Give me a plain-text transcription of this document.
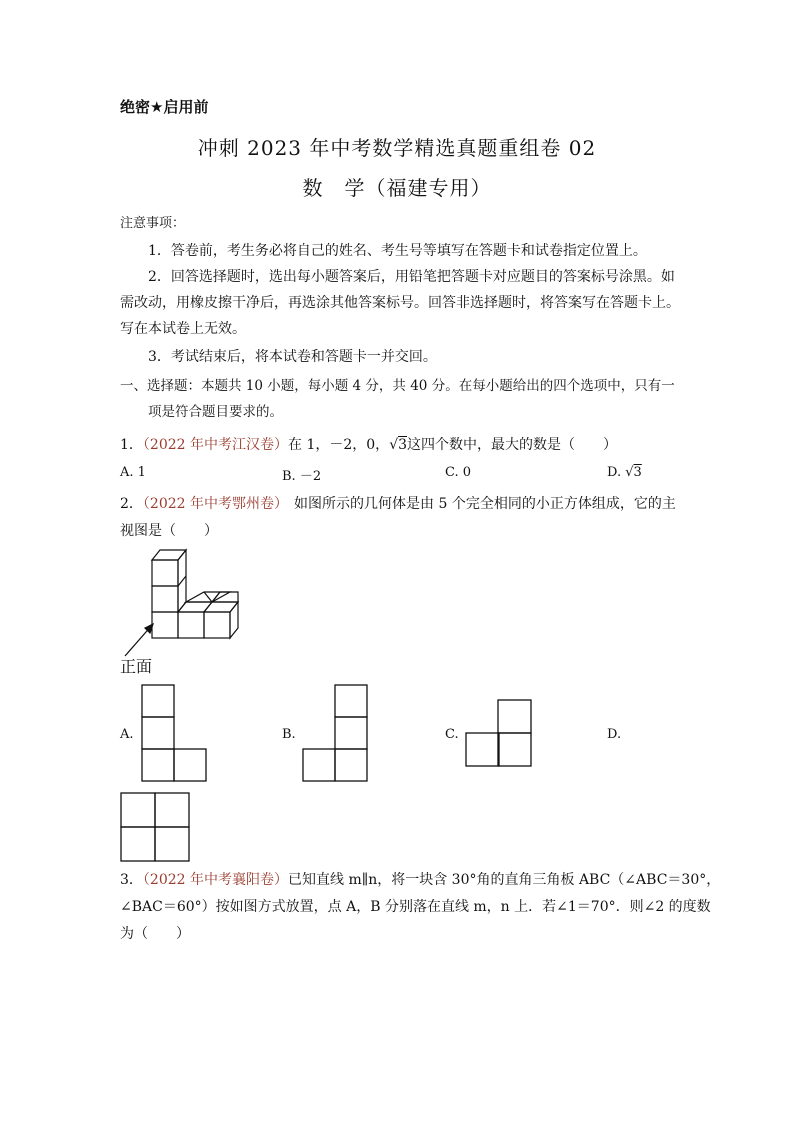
绝密★启用前
冲刺 2023 年中考数学精选真题重组卷 02
数　学（福建专用）
注意事项：
1．答卷前，考生务必将自己的姓名、考生号等填写在答题卡和试卷指定位置上。
2．回答选择题时，选出每小题答案后，用铅笔把答题卡对应题目的答案标号涂黑。如
需改动，用橡皮擦干净后，再选涂其他答案标号。回答非选择题时，将答案写在答题卡上。
写在本试卷上无效。
3．考试结束后，将本试卷和答题卡一并交回。
一、选择题：本题共 10 小题，每小题 4 分，共 40 分。在每小题给出的四个选项中，只有一
项是符合题目要求的。
1．（2022 年中考江汉卷）在 1，－2，0，√3这四个数中，最大的数是（　　）
A. 1	B. －2	C. 0	D. √3
2．（2022 年中考鄂州卷） 如图所示的几何体是由 5 个完全相同的小正方体组成，它的主
视图是（　　）
正面
A.	B.	C.	D.
3．（2022 年中考襄阳卷）已知直线 m∥n，将一块含 30°角的直角三角板 ABC（∠ABC＝30°，
∠BAC＝60°）按如图方式放置，点 A，B 分别落在直线 m，n 上．若∠1＝70°．则∠2 的度数
为（　　）
